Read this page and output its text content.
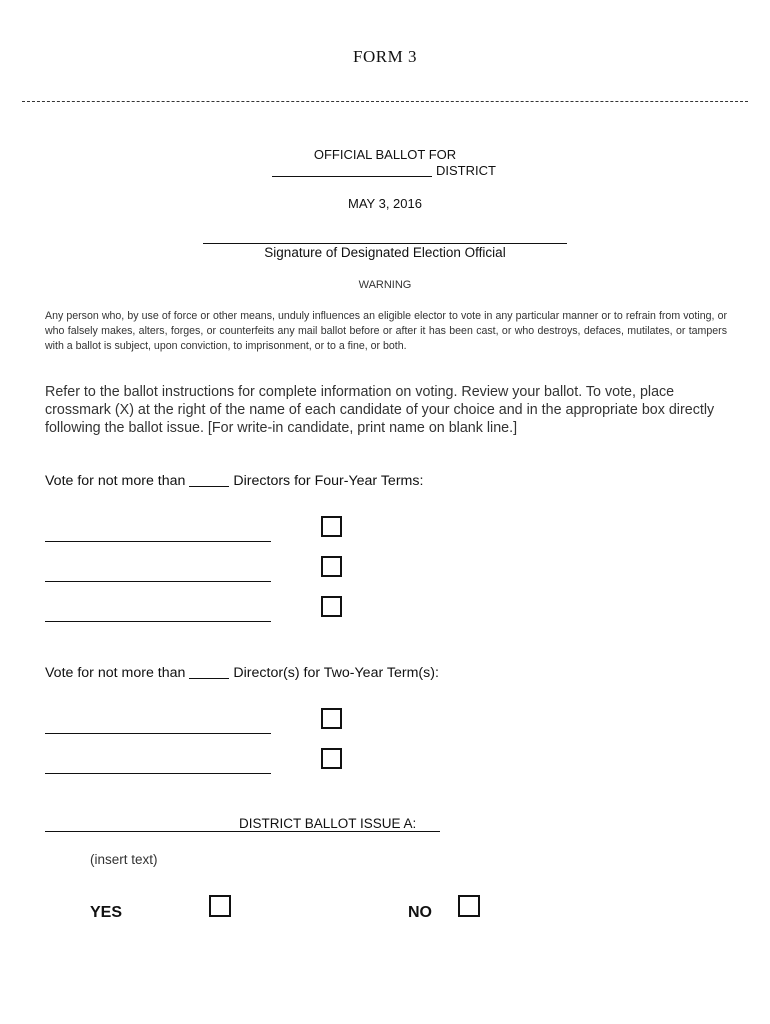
FORM 3
OFFICIAL BALLOT FOR
DISTRICT
MAY 3, 2016
Signature of Designated Election Official
WARNING
Any person who, by use of force or other means, unduly influences an eligible elector to vote in any particular manner or to refrain from voting, or who falsely makes, alters, forges, or counterfeits any mail ballot before or after it has been cast, or who destroys, defaces, mutilates, or tampers with a ballot is subject, upon conviction, to imprisonment, or to a fine, or both.
Refer to the ballot instructions for complete information on voting. Review your ballot. To vote, place crossmark (X) at the right of the name of each candidate of your choice and in the appropriate box directly following the ballot issue. [For write-in candidate, print name on blank line.]
Vote for not more than	Directors for Four-Year Terms:
Vote for not more than	Director(s) for Two-Year Term(s):
DISTRICT BALLOT ISSUE A:
(insert text)
YES	NO
